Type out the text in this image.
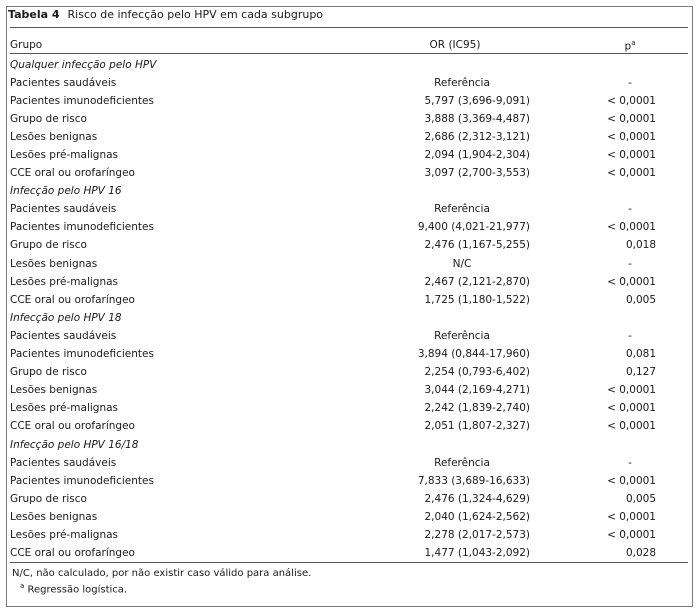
Tabela 4 Risco de infecção pelo HPV em cada subgrupo
Grupo	OR (IC95)	$p^a$
Qualquer infecção pelo HPV		
Pacientes saudáveis	Referência	-
Pacientes imunodeficientes	5,797 (3,696-9,091)	< 0,0001
Grupo de risco	3,888 (3,369-4,487)	< 0,0001
Lesões benignas	2,686 (2,312-3,121)	< 0,0001
Lesões pré-malignas	2,094 (1,904-2,304)	< 0,0001
CCE oral ou orofaríngeo	3,097 (2,700-3,553)	< 0,0001
Infecção pelo HPV 16		
Pacientes saudáveis	Referência	-
Pacientes imunodeficientes	9,400 (4,021-21,977)	< 0,0001
Grupo de risco	2,476 (1,167-5,255)	0,018
Lesões benignas	N/C	-
Lesões pré-malignas	2,467 (2,121-2,870)	< 0,0001
CCE oral ou orofaríngeo	1,725 (1,180-1,522)	0,005
Infecção pelo HPV 18		
Pacientes saudáveis	Referência	-
Pacientes imunodeficientes	3,894 (0,844-17,960)	0,081
Grupo de risco	2,254 (0,793-6,402)	0,127
Lesões benignas	3,044 (2,169-4,271)	< 0,0001
Lesões pré-malignas	2,242 (1,839-2,740)	< 0,0001
CCE oral ou orofaríngeo	2,051 (1,807-2,327)	< 0,0001
Infecção pelo HPV 16/18		
Pacientes saudáveis	Referência	-
Pacientes imunodeficientes	7,833 (3,689-16,633)	< 0,0001
Grupo de risco	2,476 (1,324-4,629)	0,005
Lesões benignas	2,040 (1,624-2,562)	< 0,0001
Lesões pré-malignas	2,278 (2,017-2,573)	< 0,0001
CCE oral ou orofaríngeo	1,477 (1,043-2,092)	0,028
N/C, não calculado, por não existir caso válido para análise.
$^a$ Regressão logística.
